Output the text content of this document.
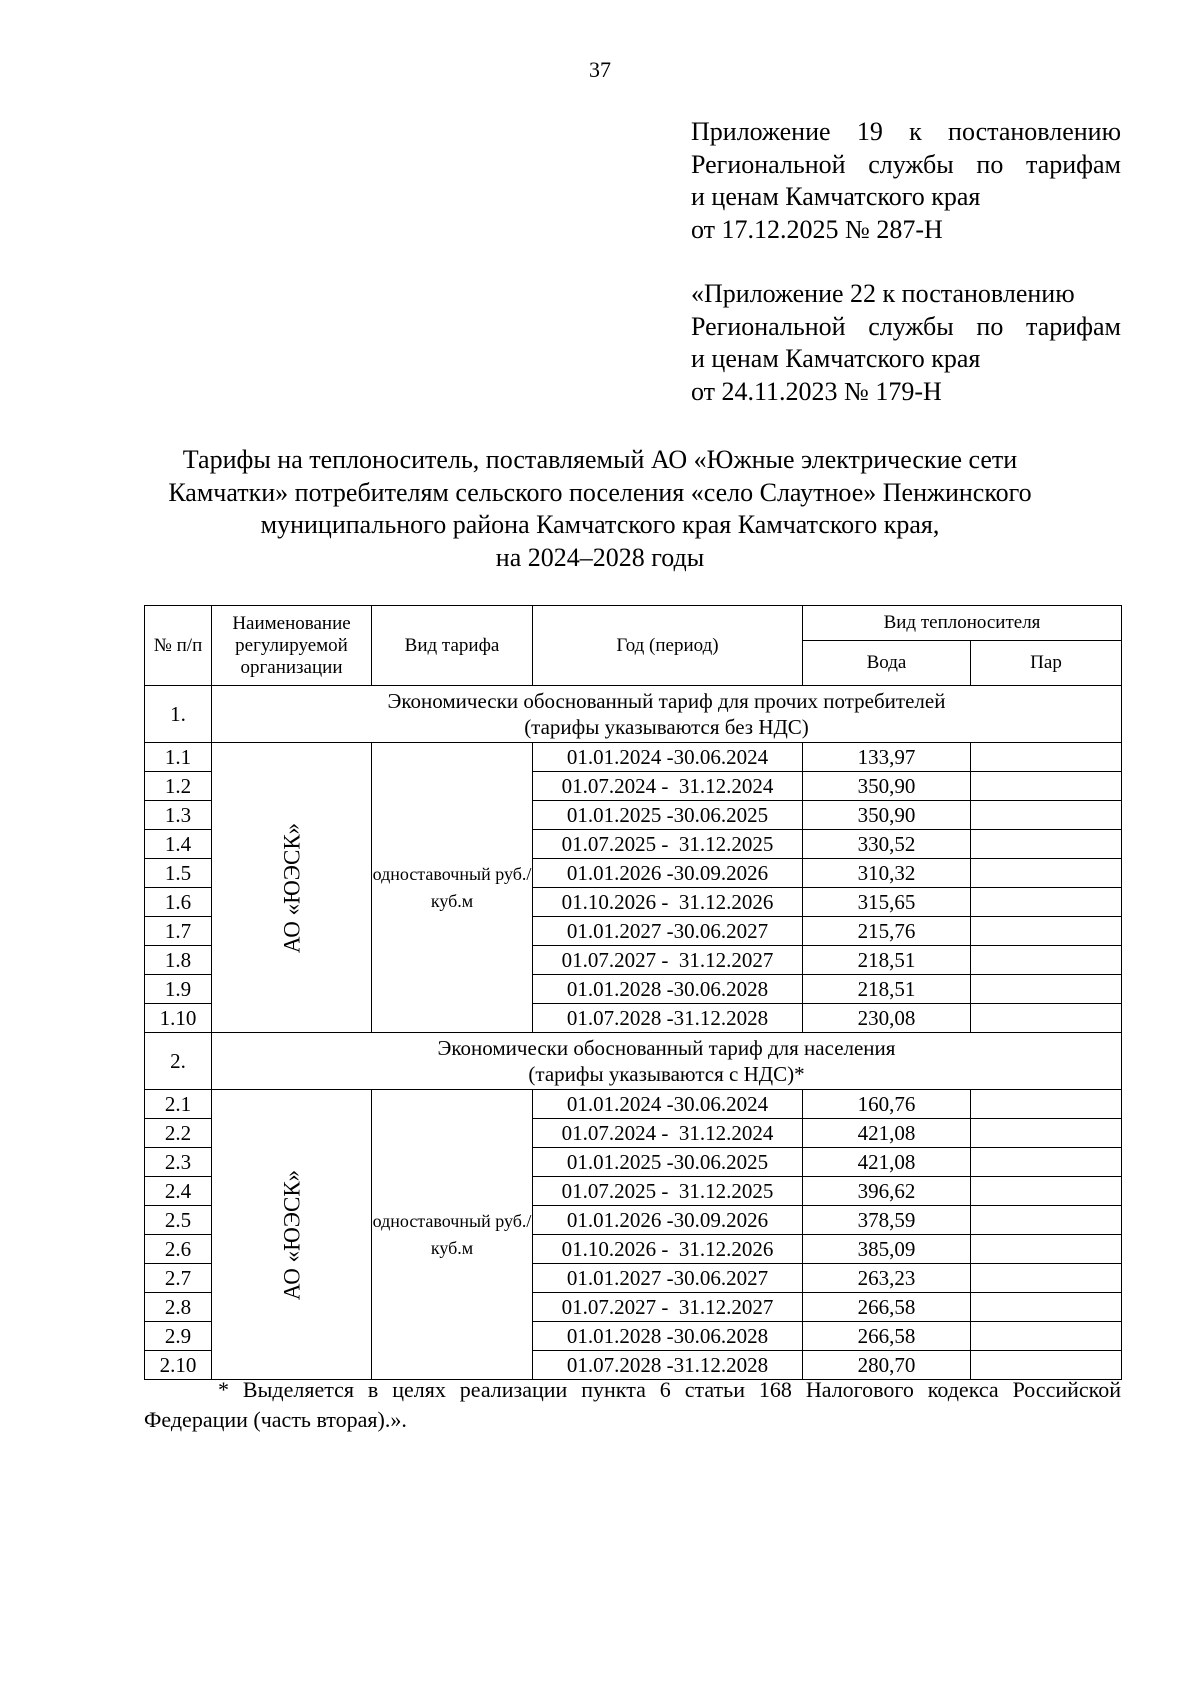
37
Приложение 19 к постановлению
Региональной службы по тарифам
и ценам Камчатского края
от 17.12.2025 № 287-Н
«Приложение 22 к постановлению
Региональной службы по тарифам
и ценам Камчатского края
от 24.11.2023 № 179-Н
Тарифы на теплоноситель, поставляемый АО «Южные электрические сети
Камчатки» потребителям сельского поселения «село Слаутное» Пенжинского
муниципального района Камчатского края Камчатского края,
на 2024–2028 годы
№ п/п	Наименование регулируемой организации	Вид тарифа	Год (период)	Вид теплоносителя	
				Вода	Пар
1.	Экономически обоснованный тариф для прочих потребителей
(тарифы указываются без НДС)				

1.1	АО «ЮЭСК»	одноставочный руб./куб.м	01.01.2024 -30.06.2024	133,97	
1.2			01.07.2024 -  31.12.2024	350,90	
1.3			01.01.2025 -30.06.2025	350,90	
1.4			01.07.2025 -  31.12.2025	330,52	
1.5			01.01.2026 -30.09.2026	310,32	
1.6			01.10.2026 -  31.12.2026	315,65	
1.7			01.01.2027 -30.06.2027	215,76	
1.8			01.07.2027 -  31.12.2027	218,51	
1.9			01.01.2028 -30.06.2028	218,51	
1.10			01.07.2028 -31.12.2028	230,08	
2.	Экономически обоснованный тариф для населения
(тарифы указываются с НДС)*				

2.1	АО «ЮЭСК»	одноставочный руб./куб.м	01.01.2024 -30.06.2024	160,76	
2.2			01.07.2024 -  31.12.2024	421,08	
2.3			01.01.2025 -30.06.2025	421,08	
2.4			01.07.2025 -  31.12.2025	396,62	
2.5			01.01.2026 -30.09.2026	378,59	
2.6			01.10.2026 -  31.12.2026	385,09	
2.7			01.01.2027 -30.06.2027	263,23	
2.8			01.07.2027 -  31.12.2027	266,58	
2.9			01.01.2028 -30.06.2028	266,58	
2.10			01.07.2028 -31.12.2028	280,70	
* Выделяется в целях реализации пункта 6 статьи 168 Налогового кодекса Российской
Федерации (часть вторая).».
